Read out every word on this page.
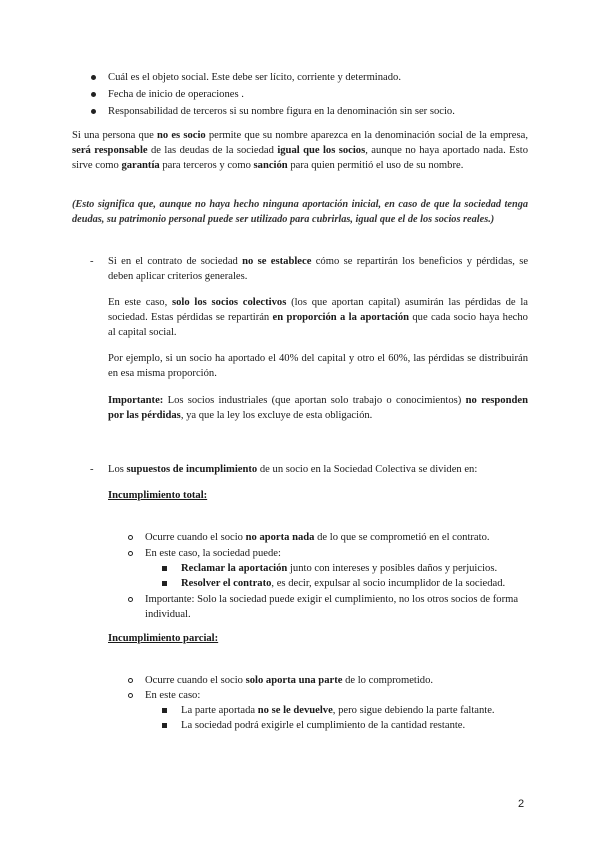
Cuál es el objeto social. Este debe ser lícito, corriente y determinado.
Fecha de inicio de operaciones .
Responsabilidad de terceros si su nombre figura en la denominación sin ser socio.

Si una persona que no es socio permite que su nombre aparezca en la denominación social de la empresa, será responsable de las deudas de la sociedad igual que los socios, aunque no haya aportado nada. Esto sirve como garantía para terceros y como sanción para quien permitió el uso de su nombre.

(Esto significa que, aunque no haya hecho ninguna aportación inicial, en caso de que la sociedad tenga deudas, su patrimonio personal puede ser utilizado para cubrirlas, igual que el de los socios reales.)

- Si en el contrato de sociedad no se establece cómo se repartirán los beneficios y pérdidas, se deben aplicar criterios generales.

En este caso, solo los socios colectivos (los que aportan capital) asumirán las pérdidas de la sociedad. Estas pérdidas se repartirán en proporción a la aportación que cada socio haya hecho al capital social.

Por ejemplo, si un socio ha aportado el 40% del capital y otro el 60%, las pérdidas se distribuirán en esa misma proporción.

Importante: Los socios industriales (que aportan solo trabajo o conocimientos) no responden por las pérdidas, ya que la ley los excluye de esta obligación.

- Los supuestos de incumplimiento de un socio en la Sociedad Colectiva se dividen en:

Incumplimiento total:

Ocurre cuando el socio no aporta nada de lo que se comprometió en el contrato.

En este caso, la sociedad puede:

Reclamar la aportación junto con intereses y posibles daños y perjuicios.

Resolver el contrato, es decir, expulsar al socio incumplidor de la sociedad.

Importante: Solo la sociedad puede exigir el cumplimiento, no los otros socios de forma individual.

Incumplimiento parcial:

Ocurre cuando el socio solo aporta una parte de lo comprometido.

En este caso:

La parte aportada no se le devuelve, pero sigue debiendo la parte faltante.

La sociedad podrá exigirle el cumplimiento de la cantidad restante.

2
